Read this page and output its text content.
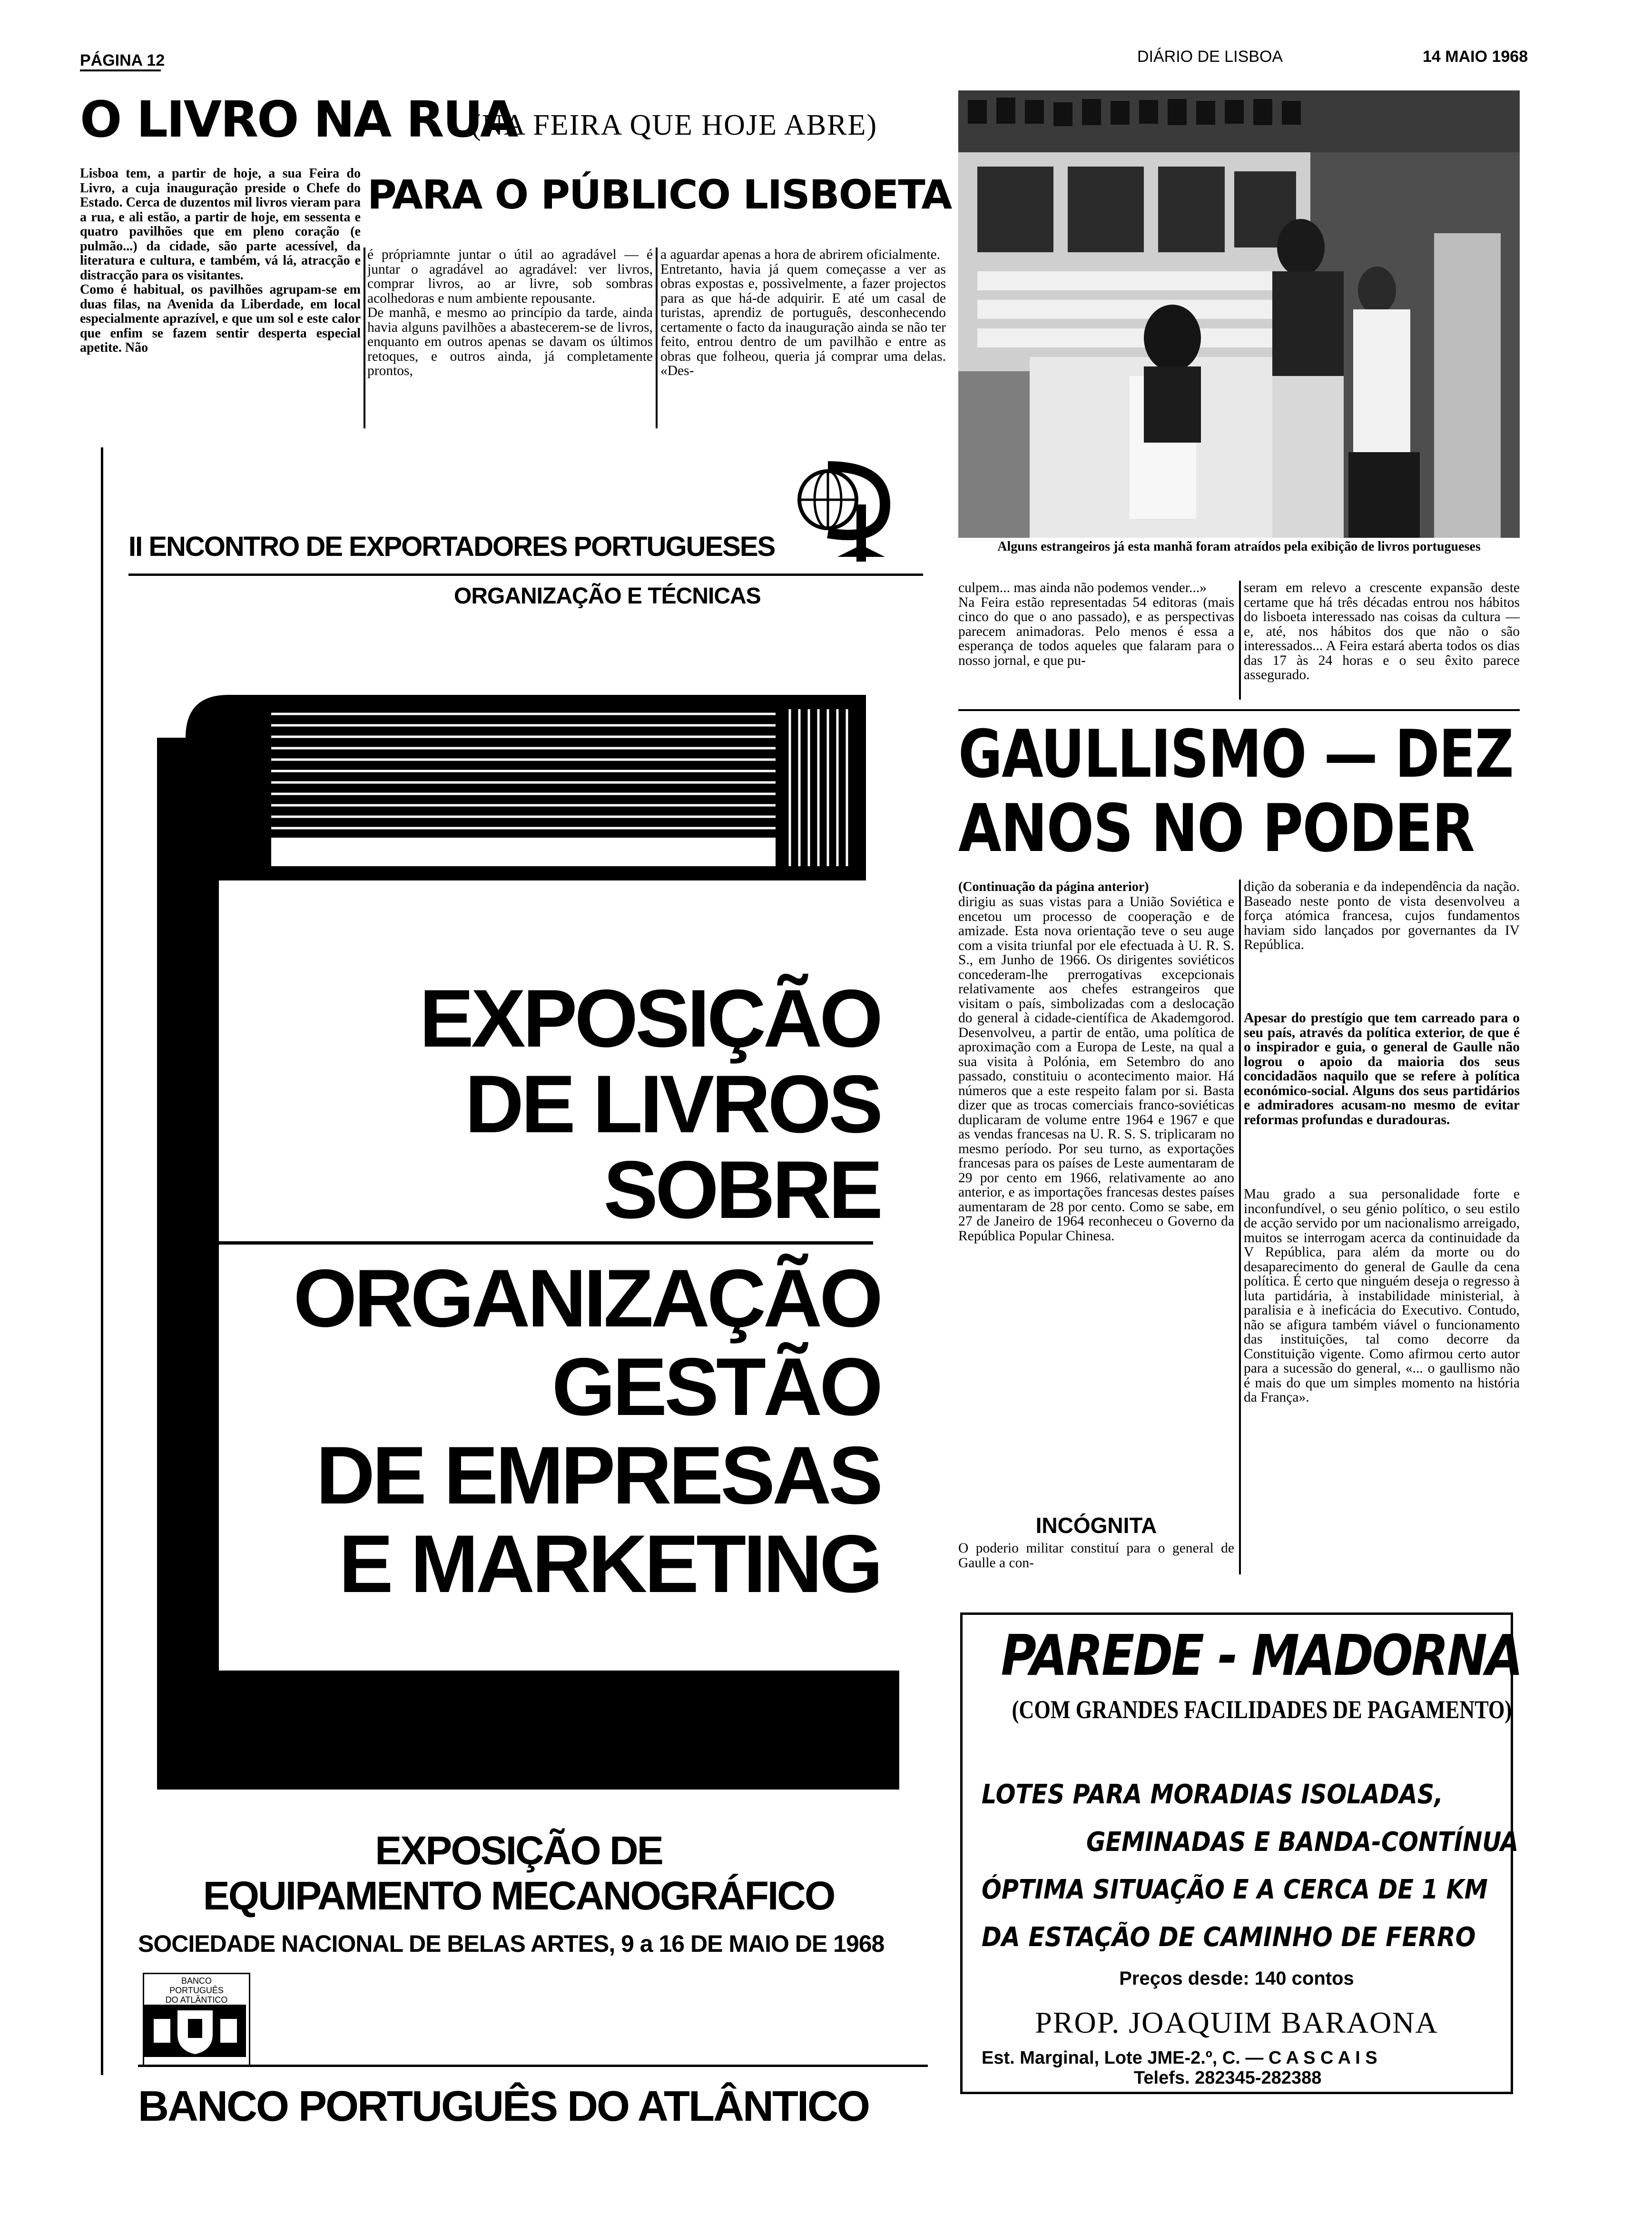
PÁGINA 12	DIÁRIO DE LISBOA	14 MAIO 1968
O LIVRO NA RUA
(NA FEIRA QUE HOJE ABRE)
PARA O PÚBLICO LISBOETA
Lisboa tem, a partir de hoje, a sua Feira do Livro, a cuja inauguração preside o Chefe do Estado. Cerca de duzentos mil livros vieram para a rua, e ali estão, a partir de hoje, em sessenta e quatro pavilhões que em pleno coração (e pulmão...) da cidade, são parte acessível, da literatura e cultura, e também, vá lá, atracção e distracção para os visitantes.
Como é habitual, os pavilhões agrupam-se em duas filas, na Avenida da Liberdade, em local especialmente aprazível, e que um sol e este calor que enfim se fazem sentir desperta especial apetite. Não
é própriamnte juntar o útil ao agradável — é juntar o agradável ao agradável: ver livros, comprar livros, ao ar livre, sob sombras acolhedoras e num ambiente repousante.
De manhã, e mesmo ao princípio da tarde, ainda havia alguns pavilhões a abastecerem-se de livros, enquanto em outros apenas se davam os últimos retoques, e outros ainda, já completamente prontos,
a aguardar apenas a hora de abrirem oficialmente.
Entretanto, havia já quem começasse a ver as obras expostas e, possìvelmente, a fazer projectos para as que há-de adquirir. E até um casal de turistas, aprendiz de português, desconhecendo certamente o facto da inauguração ainda se não ter feito, entrou dentro de um pavilhão e entre as obras que folheou, queria já comprar uma delas. «Des-
Alguns estrangeiros já esta manhã foram atraídos pela exibição de livros portugueses
culpem... mas ainda não podemos vender...»
Na Feira estão representadas 54 editoras (mais cinco do que o ano passado), e as perspectivas parecem animadoras. Pelo menos é essa a esperança de todos aqueles que falaram para o nosso jornal, e que pu-
seram em relevo a crescente expansão deste certame que há três décadas entrou nos hábitos do lisboeta interessado nas coisas da cultura — e, até, nos hábitos dos que não o são interessados... A Feira estará aberta todos os dias das 17 às 24 horas e o seu êxito parece assegurado.
II ENCONTRO DE EXPORTADORES PORTUGUESES
ORGANIZAÇÃO E TÉCNICAS
EXPOSIÇÃO
DE LIVROS
SOBRE
ORGANIZAÇÃO
GESTÃO
DE EMPRESAS
E MARKETING
EXPOSIÇÃO DE
EQUIPAMENTO MECANOGRÁFICO
SOCIEDADE NACIONAL DE BELAS ARTES, 9 a 16 DE MAIO DE 1968
BANCO
PORTUGUÊS
DO ATLÂNTICO
BANCO PORTUGUÊS DO ATLÂNTICO
GAULLISMO — DEZ
ANOS NO PODER
(Continuação da página anterior)
dirigiu as suas vistas para a União Soviética e encetou um processo de cooperação e de amizade. Esta nova orientação teve o seu auge com a visita triunfal por ele efectuada à U. R. S. S., em Junho de 1966. Os dirigentes soviéticos concederam-lhe prerrogativas excepcionais relativamente aos chefes estrangeiros que visitam o país, simbolizadas com a deslocação do general à cidade-científica de Akademgorod. Desenvolveu, a partir de então, uma política de aproximação com a Europa de Leste, na qual a sua visita à Polónia, em Setembro do ano passado, constituiu o acontecimento maior. Há números que a este respeito falam por si. Basta dizer que as trocas comerciais franco-soviéticas duplicaram de volume entre 1964 e 1967 e que as vendas francesas na U. R. S. S. triplicaram no mesmo período. Por seu turno, as exportações francesas para os países de Leste aumentaram de 29 por cento em 1966, relativamente ao ano anterior, e as importações francesas destes países aumentaram de 28 por cento. Como se sabe, em 27 de Janeiro de 1964 reconheceu o Governo da República Popular Chinesa.
INCÓGNITA
O poderio militar constituí para o general de Gaulle a con-
dição da soberania e da independência da nação. Baseado neste ponto de vista desenvolveu a força atómica francesa, cujos fundamentos haviam sido lançados por governantes da IV República.
Apesar do prestígio que tem carreado para o seu país, através da política exterior, de que é o inspirador e guia, o general de Gaulle não logrou o apoio da maioria dos seus concidadãos naquilo que se refere à política económico-social. Alguns dos seus partidários e admiradores acusam-no mesmo de evitar reformas profundas e duradouras.
Mau grado a sua personalidade forte e inconfundível, o seu génio político, o seu estilo de acção servido por um nacionalismo arreigado, muitos se interrogam acerca da continuidade da V República, para além da morte ou do desaparecimento do general de Gaulle da cena política. É certo que ninguém deseja o regresso à luta partidária, à instabilidade ministerial, à paralisia e à ineficácia do Executivo. Contudo, não se afigura também viável o funcionamento das instituições, tal como decorre da Constituição vigente. Como afirmou certo autor para a sucessão do general, «... o gaullismo não é mais do que um simples momento na história da França».
PAREDE - MADORNA
(COM GRANDES FACILIDADES DE PAGAMENTO)
LOTES PARA MORADIAS ISOLADAS,
GEMINADAS E BANDA-CONTÍNUA
ÓPTIMA SITUAÇÃO E A CERCA DE 1 KM
DA ESTAÇÃO DE CAMINHO DE FERRO
Preços desde: 140 contos
PROP. JOAQUIM BARAONA
Est. Marginal, Lote JME-2.º, C. — C A S C A I S
Telefs. 282345-282388
